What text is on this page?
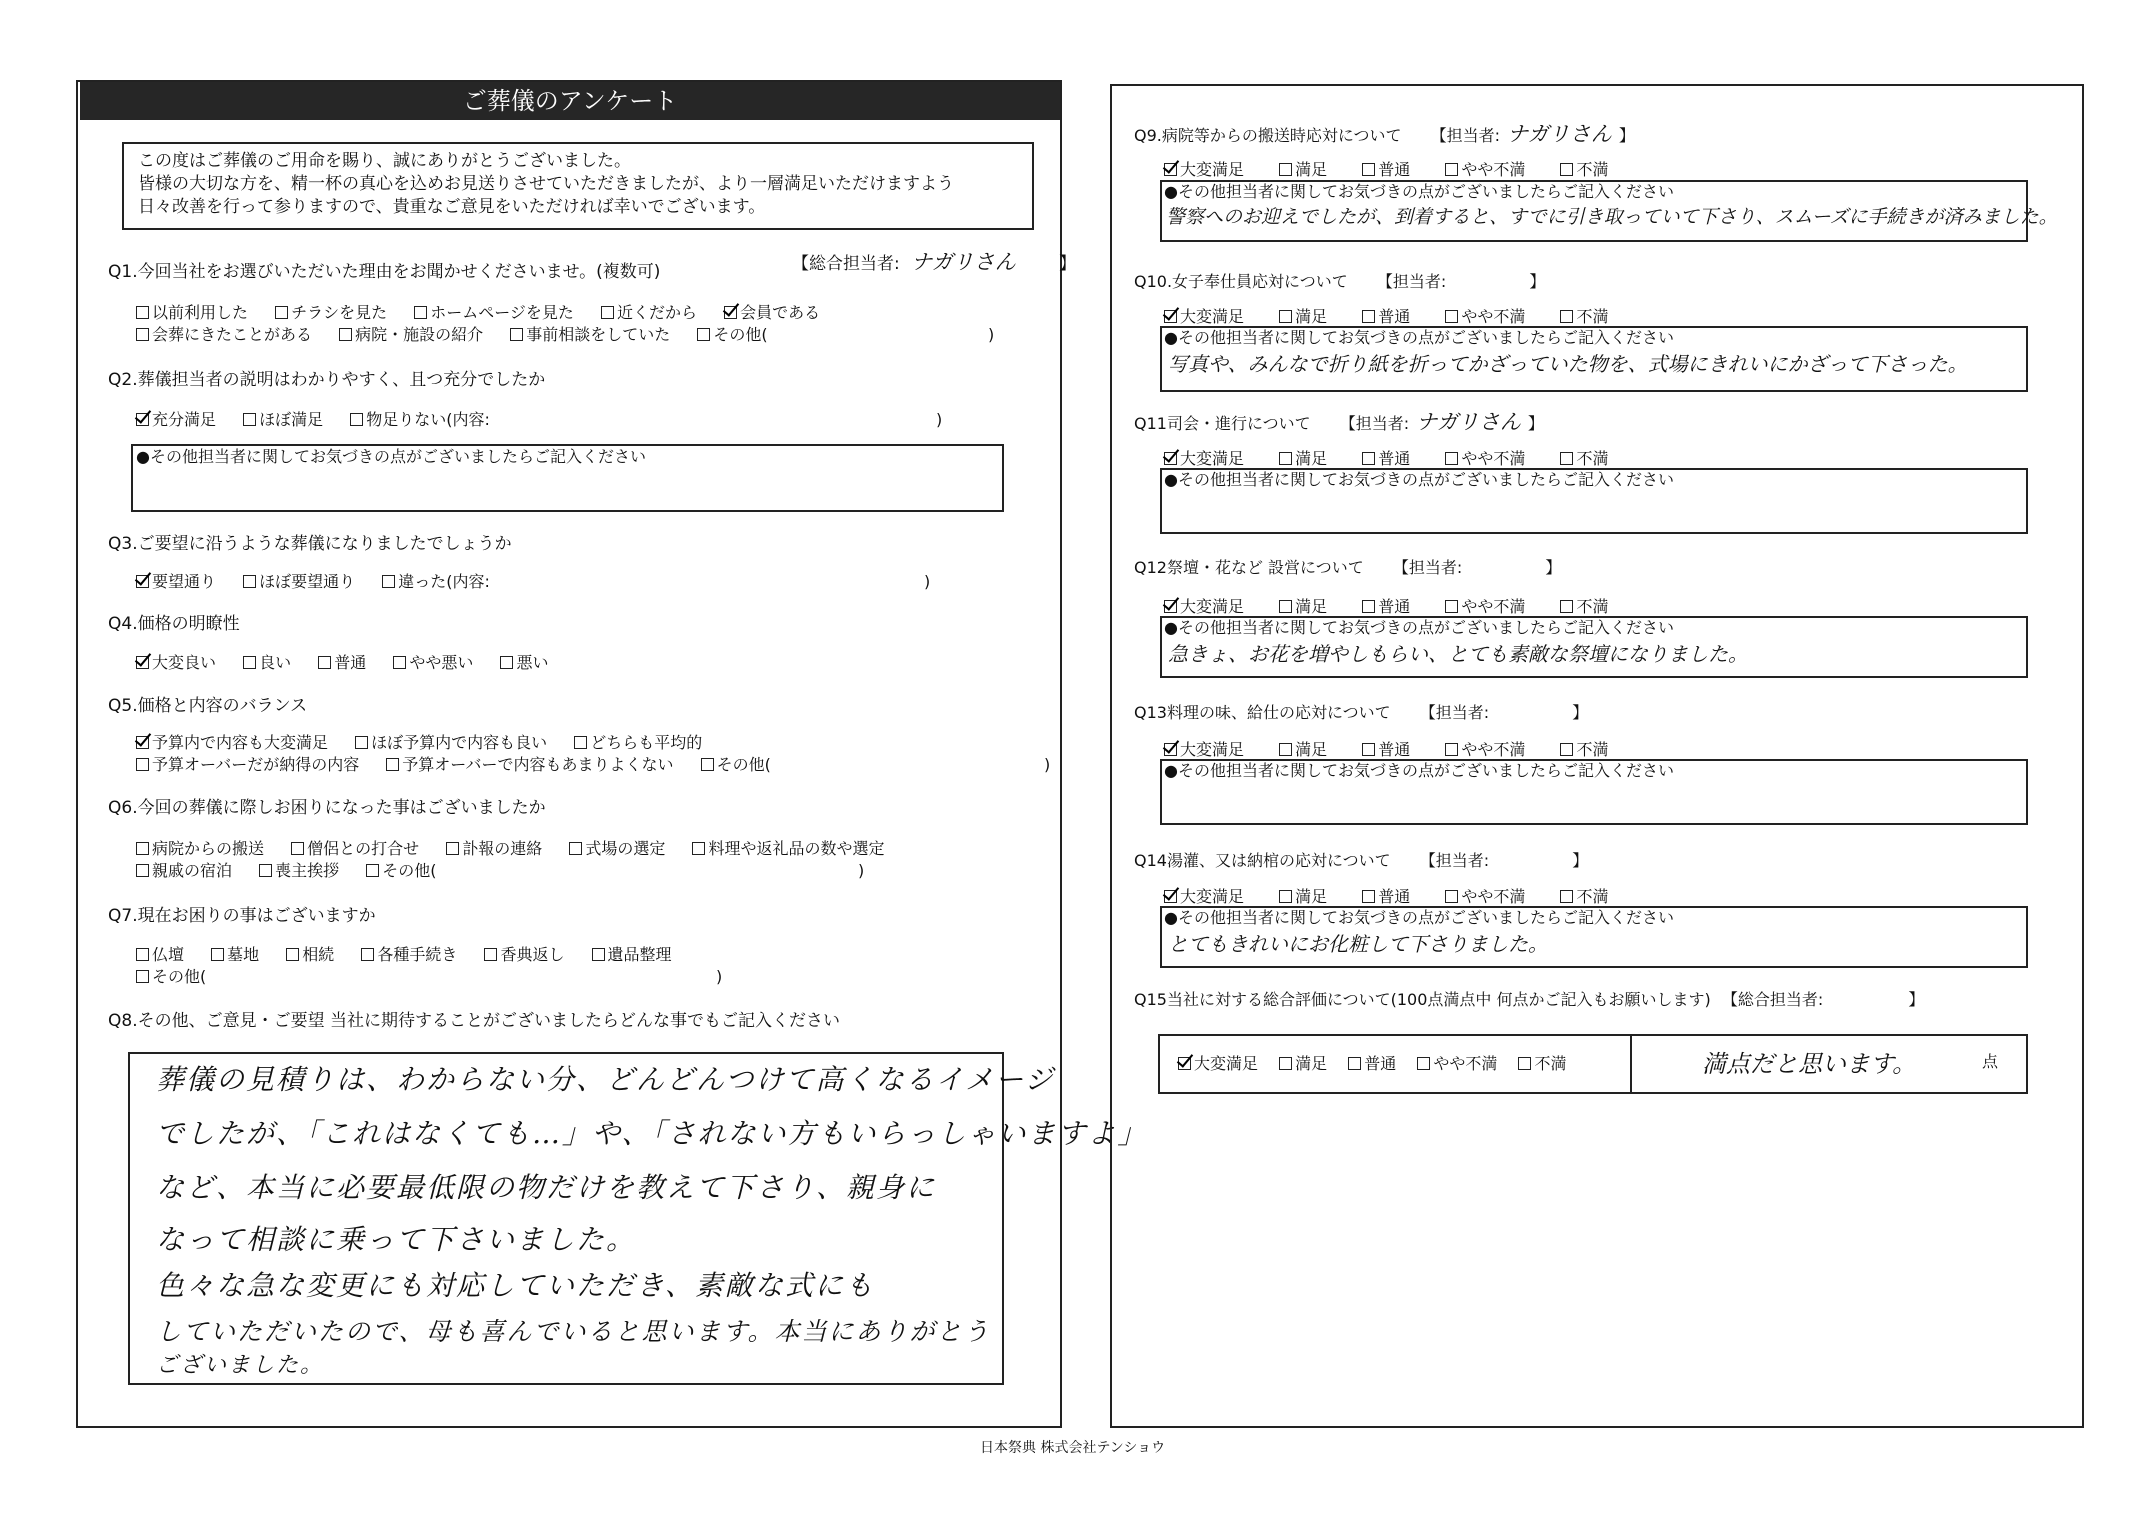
ご葬儀のアンケート
この度はご葬儀のご用命を賜り、誠にありがとうございました。
皆様の大切な方を、精一杯の真心を込めお見送りさせていただきましたが、より一層満足いただけますよう
日々改善を行って参りますので、貴重なご意見をいただければ幸いでございます。
Q1.今回当社をお選びいただいた理由をお聞かせくださいませ。(複数可)	【総合担当者: ナガリさん	】
以前利用した	チラシを見た	ホームページを見た	近くだから	会員である
会葬にきたことがある	病院・施設の紹介	事前相談をしていた	その他(	)
Q2.葬儀担当者の説明はわかりやすく、且つ充分でしたか
充分満足	ほぼ満足	物足りない(内容:	)
●その他担当者に関してお気づきの点がございましたらご記入ください
Q3.ご要望に沿うような葬儀になりましたでしょうか
要望通り	ほぼ要望通り	違った(内容:	)
Q4.価格の明瞭性
大変良い	良い	普通	やや悪い	悪い
Q5.価格と内容のバランス
予算内で内容も大変満足	ほぼ予算内で内容も良い	どちらも平均的
予算オーバーだが納得の内容	予算オーバーで内容もあまりよくない	その他(	)
Q6.今回の葬儀に際しお困りになった事はございましたか
病院からの搬送	僧侶との打合せ	訃報の連絡	式場の選定	料理や返礼品の数や選定
親戚の宿泊	喪主挨拶	その他(	)
Q7.現在お困りの事はございますか
仏壇	墓地	相続	各種手続き	香典返し	遺品整理
その他(	)
Q8.その他、ご意見・ご要望 当社に期待することがございましたらどんな事でもご記入ください
葬儀の見積りは、わからない分、どんどんつけて高くなるイメージ
でしたが、「これはなくても…」や、「されない方もいらっしゃいますよ」
など、本当に必要最低限の物だけを教えて下さり、親身に
なって相談に乗って下さいました。
色々な急な変更にも対応していただき、素敵な式にも
していただいたので、母も喜んでいると思います。本当にありがとう
ございました。
Q9.病院等からの搬送時応対について 【担当者: ナガリさん 】
大変満足	満足	普通	やや不満	不満
●その他担当者に関してお気づきの点がございましたらご記入ください
警察へのお迎えでしたが、到着すると、すでに引き取っていて下さり、スムーズに手続きが済みました。
Q10.女子奉仕員応対について 【担当者:	】
大変満足	満足	普通	やや不満	不満
●その他担当者に関してお気づきの点がございましたらご記入ください
写真や、みんなで折り紙を折ってかざっていた物を、式場にきれいにかざって下さった。
Q11司会・進行について 【担当者: ナガリさん 】
大変満足	満足	普通	やや不満	不満
●その他担当者に関してお気づきの点がございましたらご記入ください
Q12祭壇・花など 設営について 【担当者:	】
大変満足	満足	普通	やや不満	不満
●その他担当者に関してお気づきの点がございましたらご記入ください
急きょ、お花を増やしもらい、とても素敵な祭壇になりました。
Q13料理の味、給仕の応対について 【担当者:	】
大変満足	満足	普通	やや不満	不満
●その他担当者に関してお気づきの点がございましたらご記入ください
Q14湯灌、又は納棺の応対について 【担当者:	】
大変満足	満足	普通	やや不満	不満
●その他担当者に関してお気づきの点がございましたらご記入ください
とてもきれいにお化粧して下さりました。
Q15当社に対する総合評価について(100点満点中 何点かご記入もお願いします) 【総合担当者:	】
大変満足 満足 普通 やや不満 不満	満点だと思います。	点
日本祭典 株式会社テンショウ
